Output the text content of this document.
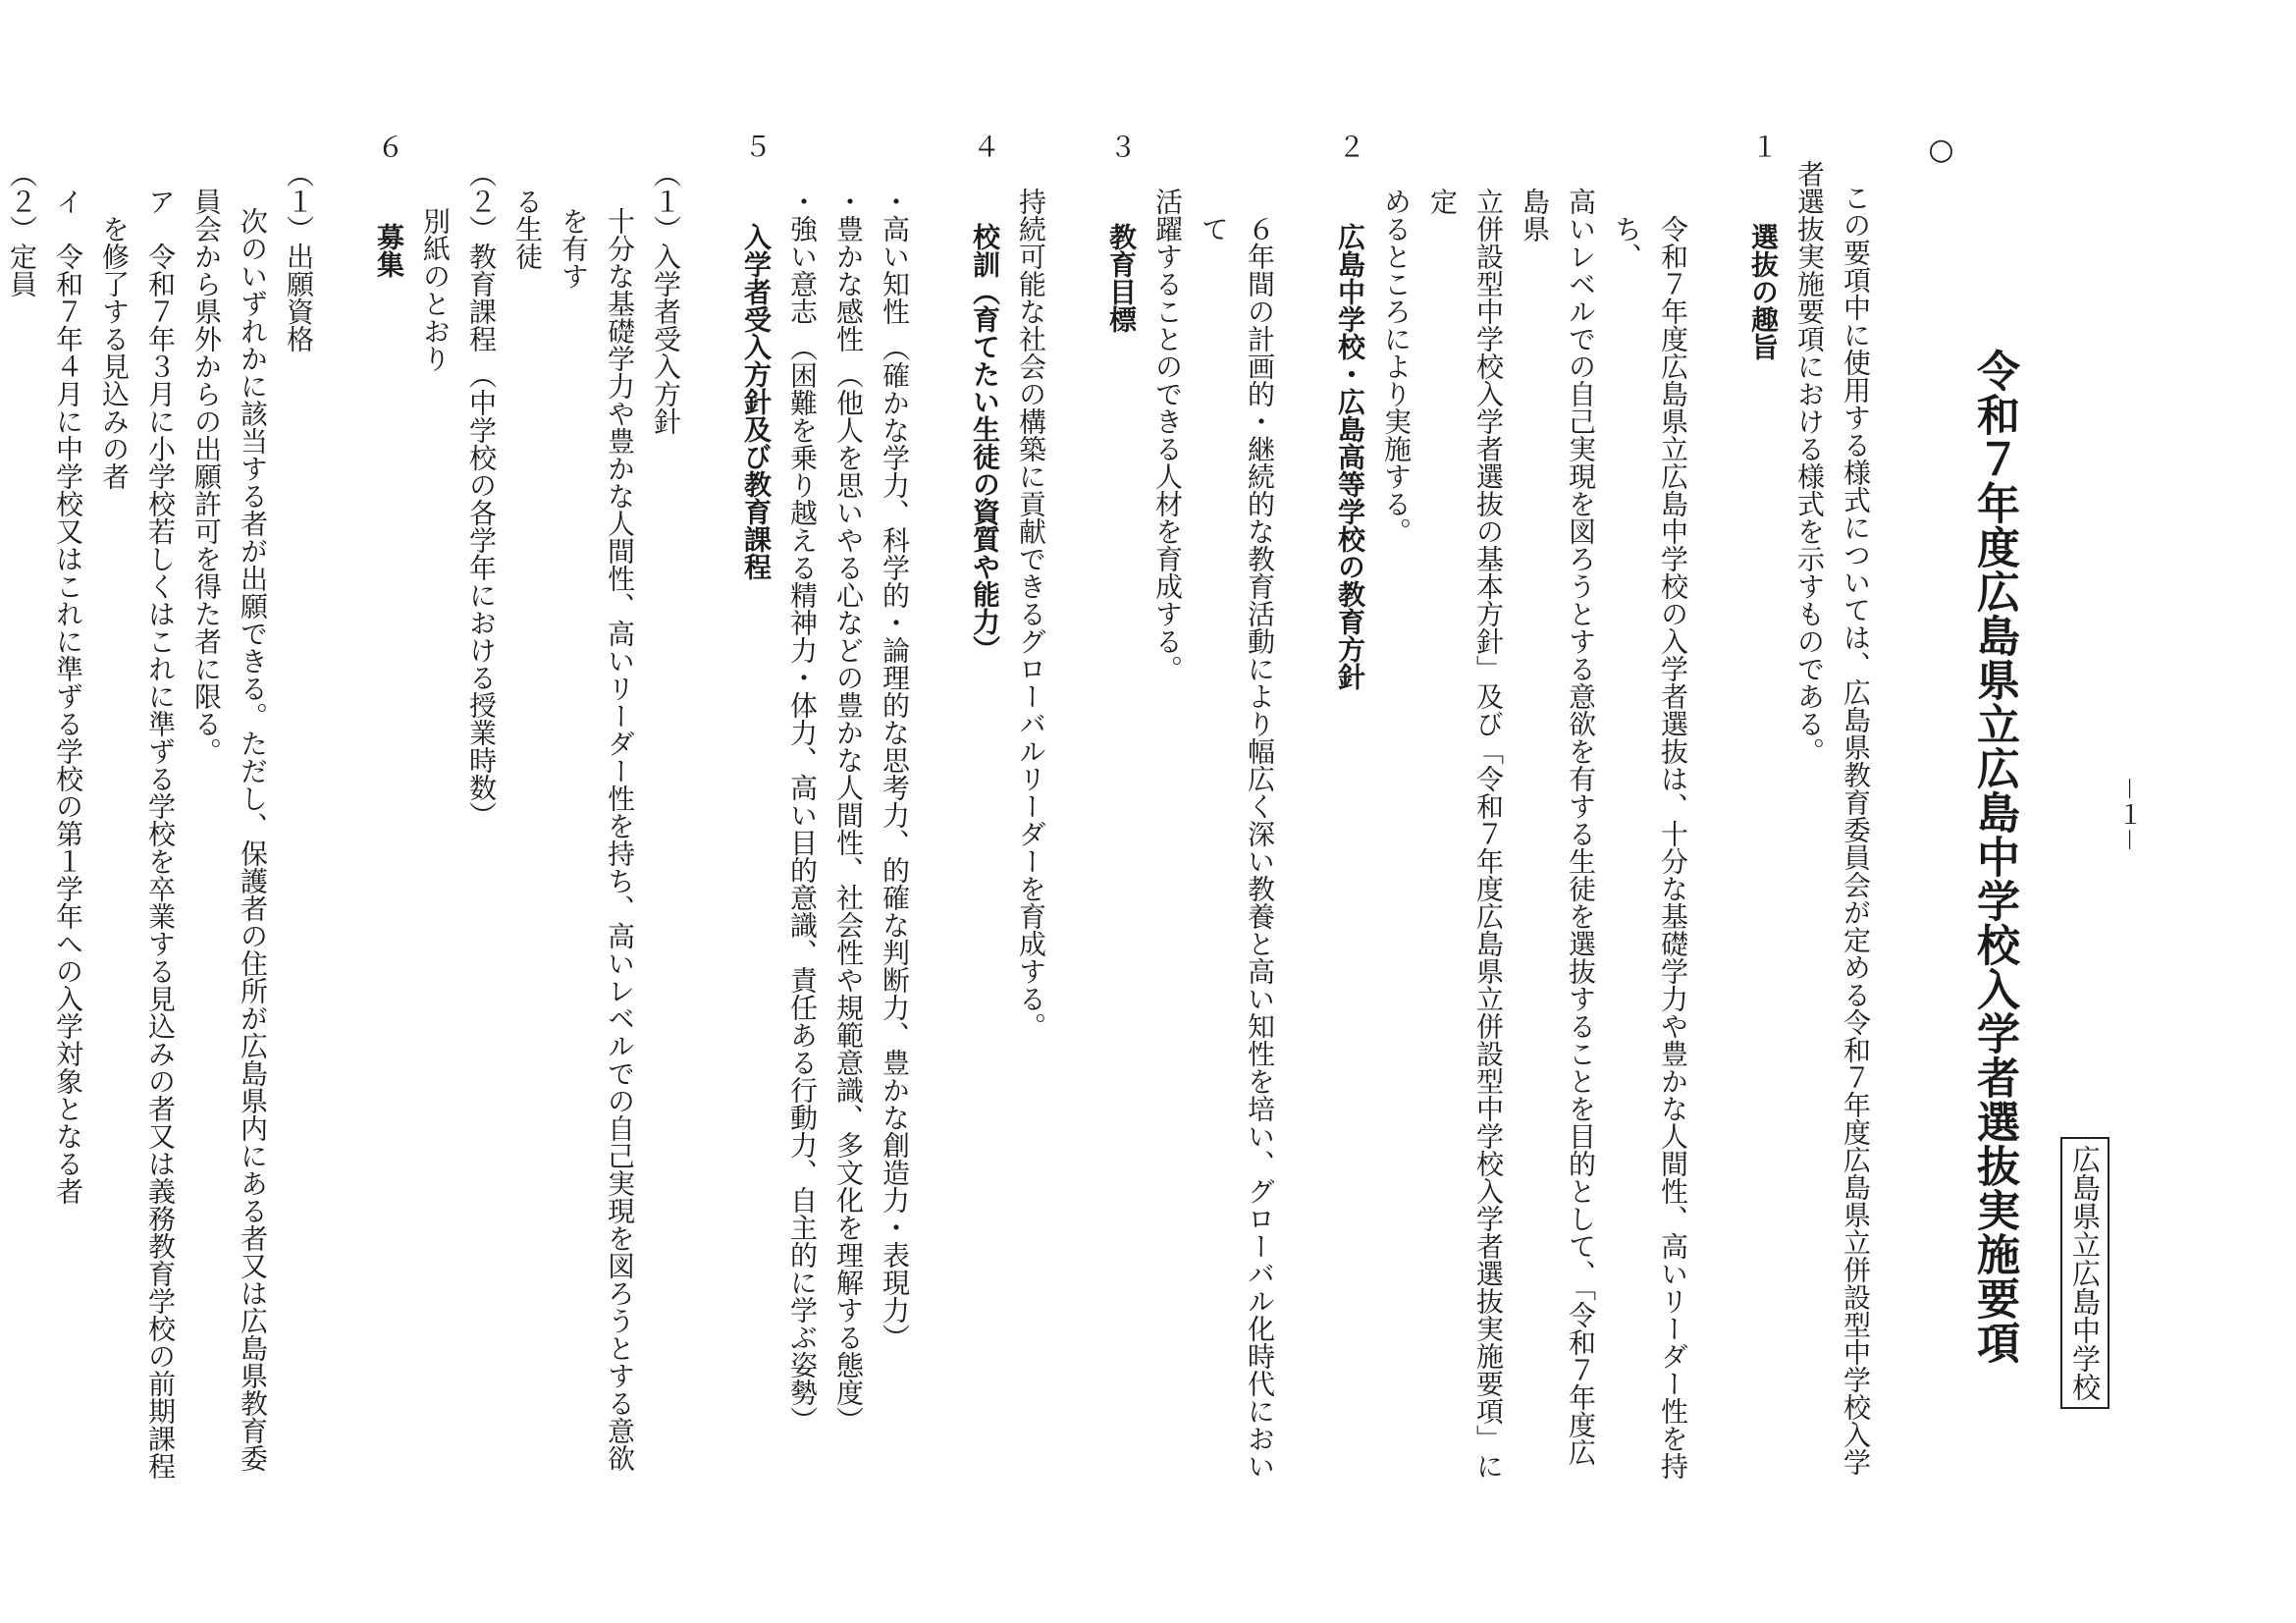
広島県立広島中学校
令和７年度広島県立広島中学校入学者選抜実施要項
○

この要項中に使用する様式については、広島県教育委員会が定める令和７年度広島県立併設型中学校入学

者選抜実施要項における様式を示すものである。

１ 選抜の趣旨

令和７年度広島県立広島中学校の入学者選抜は、十分な基礎学力や豊かな人間性、高いリーダー性を持ち、

高いレベルでの自己実現を図ろうとする意欲を有する生徒を選抜することを目的として、「令和７年度広島県

立併設型中学校入学者選抜の基本方針」及び「令和７年度広島県立併設型中学校入学者選抜実施要項」に定

めるところにより実施する。

２ 広島中学校・広島高等学校の教育方針

６年間の計画的・継続的な教育活動により幅広く深い教養と高い知性を培い、グローバル化時代において

活躍することのできる人材を育成する。

３ 教育目標

持続可能な社会の構築に貢献できるグローバルリーダーを育成する。

４ 校訓（育てたい生徒の資質や能力）

・高い知性 （確かな学力、科学的・論理的な思考力、的確な判断力、豊かな創造力・表現力）

・豊かな感性 （他人を思いやる心などの豊かな人間性、社会性や規範意識、多文化を理解する態度）

・強い意志 （困難を乗り越える精神力・体力、高い目的意識、責任ある行動力、自主的に学ぶ姿勢）

５ 入学者受入方針及び教育課程

（１）入学者受入方針

十分な基礎学力や豊かな人間性、高いリーダー性を持ち、高いレベルでの自己実現を図ろうとする意欲を有す

る生徒

（２）教育課程 （中学校の各学年における授業時数）

別紙のとおり

６ 募集

（１）出願資格

次のいずれかに該当する者が出願できる。ただし、保護者の住所が広島県内にある者又は広島県教育委

員会から県外からの出願許可を得た者に限る。

ア　令和７年３月に小学校若しくはこれに準ずる学校を卒業する見込みの者又は義務教育学校の前期課程

を修了する見込みの者

イ　令和７年４月に中学校又はこれに準ずる学校の第１学年への入学対象となる者

（２）定員

－１－
